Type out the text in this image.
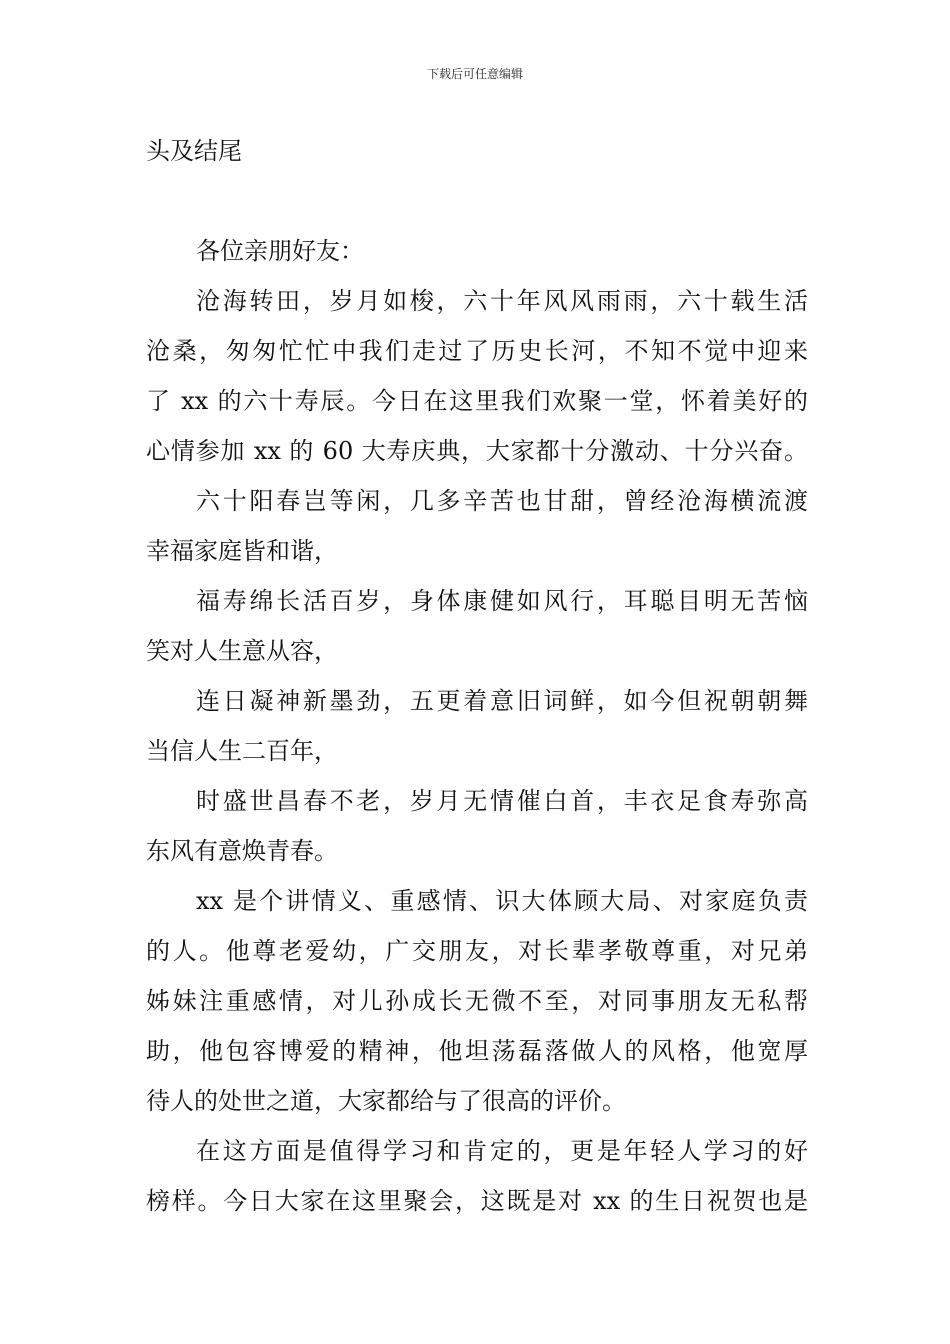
下载后可任意编辑
头及结尾
各位亲朋好友：
沧海转田，岁月如梭，六十年风风雨雨，六十载生活
沧桑，匆匆忙忙中我们走过了历史长河，不知不觉中迎来
了 xx 的六十寿辰。今日在这里我们欢聚一堂，怀着美好的
心情参加 xx 的 60 大寿庆典，大家都十分激动、十分兴奋。
六十阳春岂等闲，几多辛苦也甘甜，曾经沧海横流渡
幸福家庭皆和谐，
福寿绵长活百岁，身体康健如风行，耳聪目明无苦恼
笑对人生意从容，
连日凝神新墨劲，五更着意旧词鲜，如今但祝朝朝舞
当信人生二百年，
时盛世昌春不老，岁月无情催白首，丰衣足食寿弥高
东风有意焕青春。
xx 是个讲情义、重感情、识大体顾大局、对家庭负责
的人。他尊老爱幼，广交朋友，对长辈孝敬尊重，对兄弟
姊妹注重感情，对儿孙成长无微不至，对同事朋友无私帮
助，他包容博爱的精神，他坦荡磊落做人的风格，他宽厚
待人的处世之道，大家都给与了很高的评价。
在这方面是值得学习和肯定的，更是年轻人学习的好
榜样。今日大家在这里聚会，这既是对 xx 的生日祝贺也是
